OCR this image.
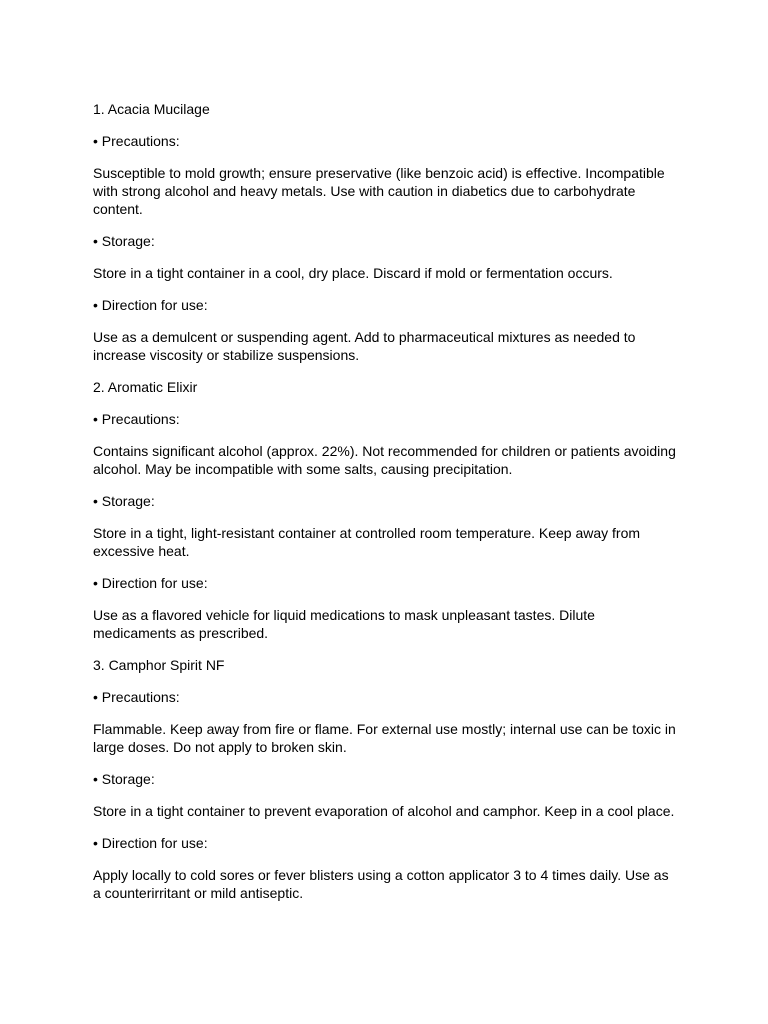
1. Acacia Mucilage
• Precautions:
Susceptible to mold growth; ensure preservative (like benzoic acid) is effective. Incompatible with strong alcohol and heavy metals. Use with caution in diabetics due to carbohydrate content.
• Storage:
Store in a tight container in a cool, dry place. Discard if mold or fermentation occurs.
• Direction for use:
Use as a demulcent or suspending agent. Add to pharmaceutical mixtures as needed to increase viscosity or stabilize suspensions.
2. Aromatic Elixir
• Precautions:
Contains significant alcohol (approx. 22%). Not recommended for children or patients avoiding alcohol. May be incompatible with some salts, causing precipitation.
• Storage:
Store in a tight, light-resistant container at controlled room temperature. Keep away from excessive heat.
• Direction for use:
Use as a flavored vehicle for liquid medications to mask unpleasant tastes. Dilute medicaments as prescribed.
3. Camphor Spirit NF
• Precautions:
Flammable. Keep away from fire or flame. For external use mostly; internal use can be toxic in large doses. Do not apply to broken skin.
• Storage:
Store in a tight container to prevent evaporation of alcohol and camphor. Keep in a cool place.
• Direction for use:
Apply locally to cold sores or fever blisters using a cotton applicator 3 to 4 times daily. Use as a counterirritant or mild antiseptic.
